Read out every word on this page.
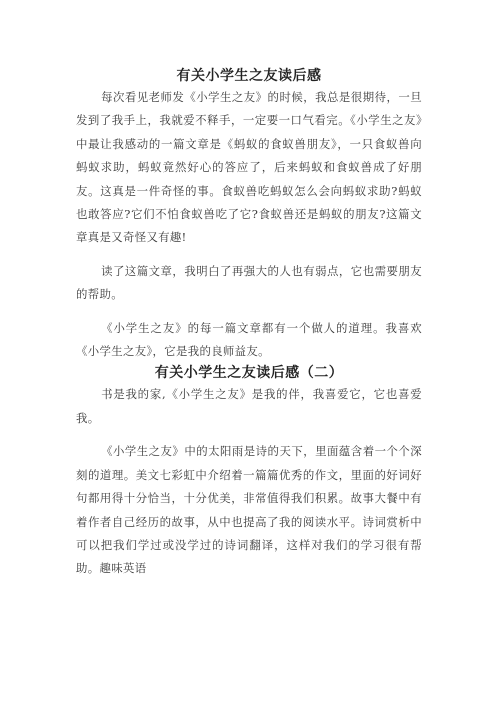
有关小学生之友读后感

每次看见老师发《小学生之友》的时候，我总是很期待，一旦发到了我手上，我就爱不释手，一定要一口气看完。《小学生之友》中最让我感动的一篇文章是《蚂蚁的食蚁兽朋友》，一只食蚁兽向蚂蚁求助，蚂蚁竟然好心的答应了，后来蚂蚁和食蚁兽成了好朋友。这真是一件奇怪的事。食蚁兽吃蚂蚁怎么会向蚂蚁求助?蚂蚁也敢答应?它们不怕食蚁兽吃了它?食蚁兽还是蚂蚁的朋友?这篇文章真是又奇怪又有趣!

读了这篇文章，我明白了再强大的人也有弱点，它也需要朋友的帮助。

《小学生之友》的每一篇文章都有一个做人的道理。我喜欢《小学生之友》，它是我的良师益友。

有关小学生之友读后感（二）

书是我的家,《小学生之友》是我的伴，我喜爱它，它也喜爱我。

《小学生之友》中的太阳雨是诗的天下，里面蕴含着一个个深刻的道理。美文七彩虹中介绍着一篇篇优秀的作文，里面的好词好句都用得十分恰当，十分优美，非常值得我们积累。故事大餐中有着作者自己经历的故事，从中也提高了我的阅读水平。诗词赏析中可以把我们学过或没学过的诗词翻译，这样对我们的学习很有帮助。趣味英语
